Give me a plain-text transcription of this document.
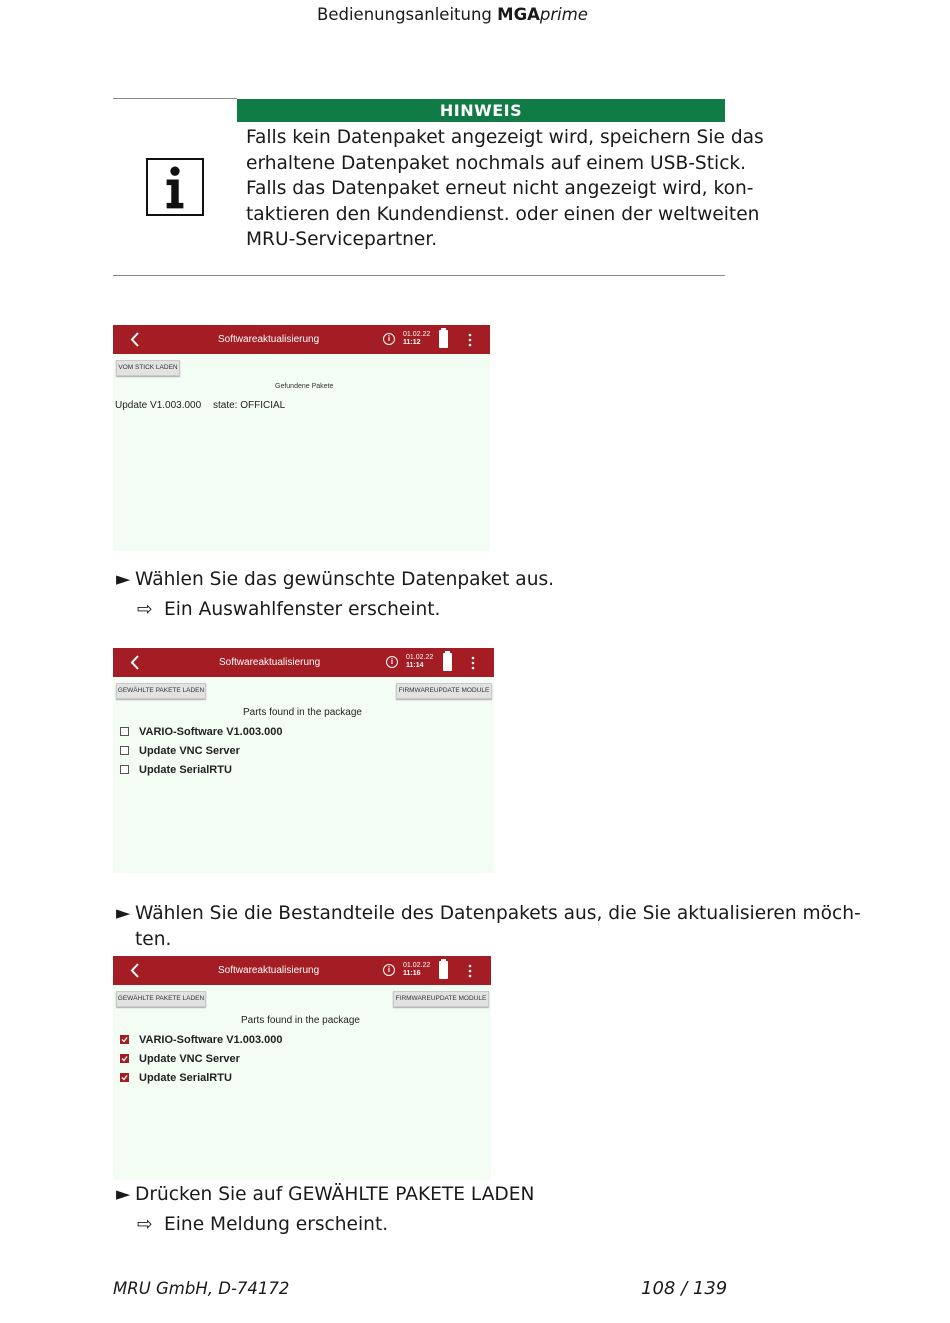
Bedienungsanleitung MGAprime
HINWEIS
Falls kein Datenpaket angezeigt wird, speichern Sie das
erhaltene Datenpaket nochmals auf einem USB-Stick.
Falls das Datenpaket erneut nicht angezeigt wird, kon-
taktieren den Kundendienst. oder einen der weltweiten
MRU-Servicepartner.
Softwareaktualisierung	i	01.02.22
11:12
VOM STICK LADEN
Gefundene Pakete
Update V1.003.000 state: OFFICIAL
► Wählen Sie das gewünschte Datenpaket aus.
⇨ Ein Auswahlfenster erscheint.
Softwareaktualisierung	i	01.02.22
11:14
GEWÄHLTE PAKETE LADEN	FIRMWAREUPDATE MODULE
Parts found in the package
VARIO-Software V1.003.000
Update VNC Server
Update SerialRTU
► Wählen Sie die Bestandteile des Datenpakets aus, die Sie aktualisieren möch-
ten.
Softwareaktualisierung	i	01.02.22
11:16
GEWÄHLTE PAKETE LADEN	FIRMWAREUPDATE MODULE
Parts found in the package
VARIO-Software V1.003.000
Update VNC Server
Update SerialRTU
► Drücken Sie auf GEWÄHLTE PAKETE LADEN
⇨ Eine Meldung erscheint.
MRU GmbH, D-74172	108 / 139
